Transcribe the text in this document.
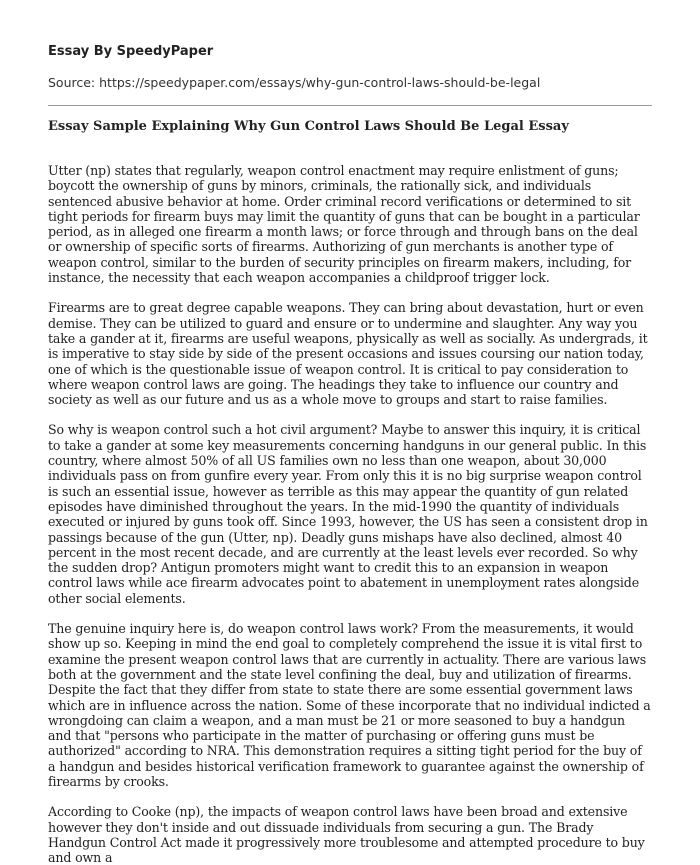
Essay By SpeedyPaper
Source: https://speedypaper.com/essays/why-gun-control-laws-should-be-legal
Essay Sample Explaining Why Gun Control Laws Should Be Legal Essay

Utter (np) states that regularly, weapon control enactment may require enlistment of guns; boycott the ownership of guns by minors, criminals, the rationally sick, and individuals sentenced abusive behavior at home. Order criminal record verifications or determined to sit tight periods for firearm buys may limit the quantity of guns that can be bought in a particular period, as in alleged one firearm a month laws; or force through and through bans on the deal or ownership of specific sorts of firearms. Authorizing of gun merchants is another type of weapon control, similar to the burden of security principles on firearm makers, including, for instance, the necessity that each weapon accompanies a childproof trigger lock.

Firearms are to great degree capable weapons. They can bring about devastation, hurt or even demise. They can be utilized to guard and ensure or to undermine and slaughter. Any way you take a gander at it, firearms are useful weapons, physically as well as socially. As undergrads, it is imperative to stay side by side of the present occasions and issues coursing our nation today, one of which is the questionable issue of weapon control. It is critical to pay consideration to where weapon control laws are going. The headings they take to influence our country and society as well as our future and us as a whole move to groups and start to raise families.

So why is weapon control such a hot civil argument? Maybe to answer this inquiry, it is critical to take a gander at some key measurements concerning handguns in our general public. In this country, where almost 50% of all US families own no less than one weapon, about 30,000 individuals pass on from gunfire every year. From only this it is no big surprise weapon control is such an essential issue, however as terrible as this may appear the quantity of gun related episodes have diminished throughout the years. In the mid-1990 the quantity of individuals executed or injured by guns took off. Since 1993, however, the US has seen a consistent drop in passings because of the gun (Utter, np). Deadly guns mishaps have also declined, almost 40 percent in the most recent decade, and are currently at the least levels ever recorded. So why the sudden drop? Antigun promoters might want to credit this to an expansion in weapon control laws while ace firearm advocates point to abatement in unemployment rates alongside other social elements.

The genuine inquiry here is, do weapon control laws work? From the measurements, it would show up so. Keeping in mind the end goal to completely comprehend the issue it is vital first to examine the present weapon control laws that are currently in actuality. There are various laws both at the government and the state level confining the deal, buy and utilization of firearms. Despite the fact that they differ from state to state there are some essential government laws which are in influence across the nation. Some of these incorporate that no individual indicted a wrongdoing can claim a weapon, and a man must be 21 or more seasoned to buy a handgun and that "persons who participate in the matter of purchasing or offering guns must be authorized" according to NRA. This demonstration requires a sitting tight period for the buy of a handgun and besides historical verification framework to guarantee against the ownership of firearms by crooks.

According to Cooke (np), the impacts of weapon control laws have been broad and extensive however they don't inside and out dissuade individuals from securing a gun. The Brady Handgun Control Act made it progressively more troublesome and attempted procedure to buy and own a
